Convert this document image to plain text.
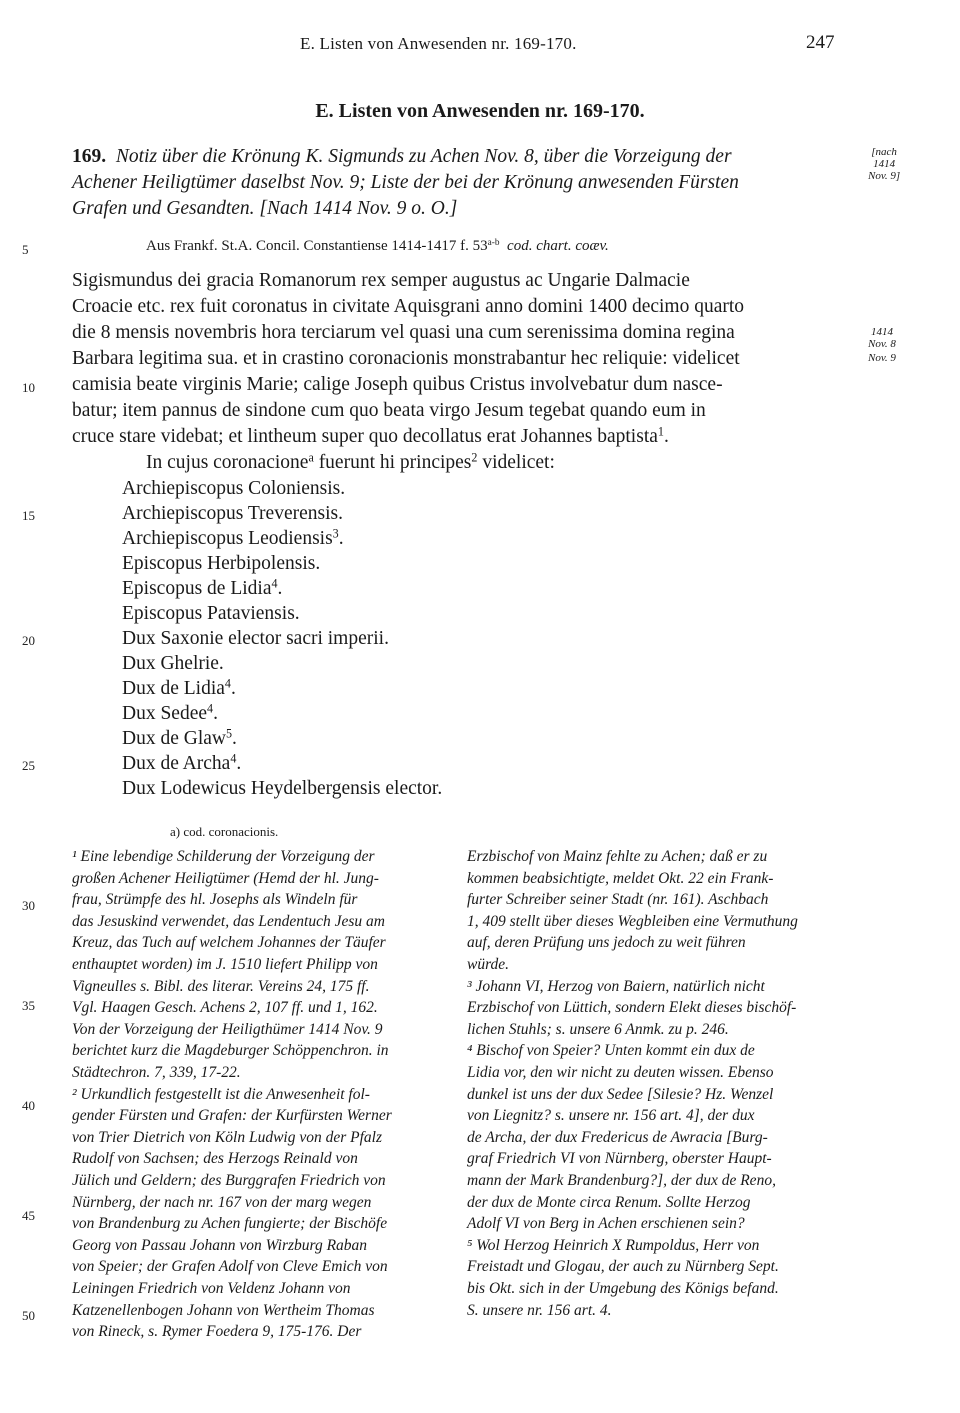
E. Listen von Anwesenden nr. 169-170.	247
E. Listen von Anwesenden nr. 169-170.
169. Notiz über die Krönung K. Sigmunds zu Achen Nov. 8, über die Vorzeigung der
Achener Heiligtümer daselbst Nov. 9; Liste der bei der Krönung anwesenden Fürsten
Grafen und Gesandten. [Nach 1414 Nov. 9 o. O.]
Aus Frankf. St.A. Concil. Constantiense 1414-1417 f. 53$^{a-b}$ cod. chart. coæv.
[nach
1414
Nov. 9]
1414
Nov. 8
Nov. 9
Sigismundus dei gracia Romanorum rex semper augustus ac Ungarie Dalmacie
Croacie etc. rex fuit coronatus in civitate Aquisgrani anno domini 1400 decimo quarto
die 8 mensis novembris hora terciarum vel quasi una cum serenissima domina regina
Barbara legitima sua. et in crastino coronacionis monstrabantur hec reliquie: videlicet
camisia beate virginis Marie; calige Joseph quibus Cristus involvebatur dum nasce-
batur; item pannus de sindone cum quo beata virgo Jesum tegebat quando eum in
cruce stare videbat; et lintheum super quo decollatus erat Johannes baptista$^1$.
In cujus coronacione$^a$ fuerunt hi principes$^2$ videlicet:
Archiepiscopus Coloniensis.
Archiepiscopus Treverensis.
Archiepiscopus Leodiensis$^3$.
Episcopus Herbipolensis.
Episcopus de Lidia$^4$.
Episcopus Pataviensis.
Dux Saxonie elector sacri imperii.
Dux Ghelrie.
Dux de Lidia$^4$.
Dux Sedee$^4$.
Dux de Glaw$^5$.
Dux de Archa$^4$.
Dux Lodewicus Heydelbergensis elector.
5
10
15
20
25
30
35
40
45
50
a) cod. coronacionis.
¹ Eine lebendige Schilderung der Vorzeigung der
großen Achener Heiligtümer (Hemd der hl. Jung-
frau, Strümpfe des hl. Josephs als Windeln für
das Jesuskind verwendet, das Lendentuch Jesu am
Kreuz, das Tuch auf welchem Johannes der Täufer
enthauptet worden) im J. 1510 liefert Philipp von
Vigneulles s. Bibl. des literar. Vereins 24, 175 ff.
Vgl. Haagen Gesch. Achens 2, 107 ff. und 1, 162.
Von der Vorzeigung der Heiligthümer 1414 Nov. 9
berichtet kurz die Magdeburger Schöppenchron. in
Städtechron. 7, 339, 17-22.
² Urkundlich festgestellt ist die Anwesenheit fol-
gender Fürsten und Grafen: der Kurfürsten Werner
von Trier Dietrich von Köln Ludwig von der Pfalz
Rudolf von Sachsen; des Herzogs Reinald von
Jülich und Geldern; des Burggrafen Friedrich von
Nürnberg, der nach nr. 167 von der marg wegen
von Brandenburg zu Achen fungierte; der Bischöfe
Georg von Passau Johann von Wirzburg Raban
von Speier; der Grafen Adolf von Cleve Emich von
Leiningen Friedrich von Veldenz Johann von
Katzenellenbogen Johann von Wertheim Thomas
von Rineck, s. Rymer Foedera 9, 175-176. Der
Erzbischof von Mainz fehlte zu Achen; daß er zu
kommen beabsichtigte, meldet Okt. 22 ein Frank-
furter Schreiber seiner Stadt (nr. 161). Aschbach
1, 409 stellt über dieses Wegbleiben eine Vermuthung
auf, deren Prüfung uns jedoch zu weit führen
würde.
³ Johann VI, Herzog von Baiern, natürlich nicht
Erzbischof von Lüttich, sondern Elekt dieses bischöf-
lichen Stuhls; s. unsere 6 Anmk. zu p. 246.
⁴ Bischof von Speier? Unten kommt ein dux de
Lidia vor, den wir nicht zu deuten wissen. Ebenso
dunkel ist uns der dux Sedee [Silesie? Hz. Wenzel
von Liegnitz? s. unsere nr. 156 art. 4], der dux
de Archa, der dux Fredericus de Awracia [Burg-
graf Friedrich VI von Nürnberg, oberster Haupt-
mann der Mark Brandenburg?], der dux de Reno,
der dux de Monte circa Renum. Sollte Herzog
Adolf VI von Berg in Achen erschienen sein?
⁵ Wol Herzog Heinrich X Rumpoldus, Herr von
Freistadt und Glogau, der auch zu Nürnberg Sept.
bis Okt. sich in der Umgebung des Königs befand.
S. unsere nr. 156 art. 4.
